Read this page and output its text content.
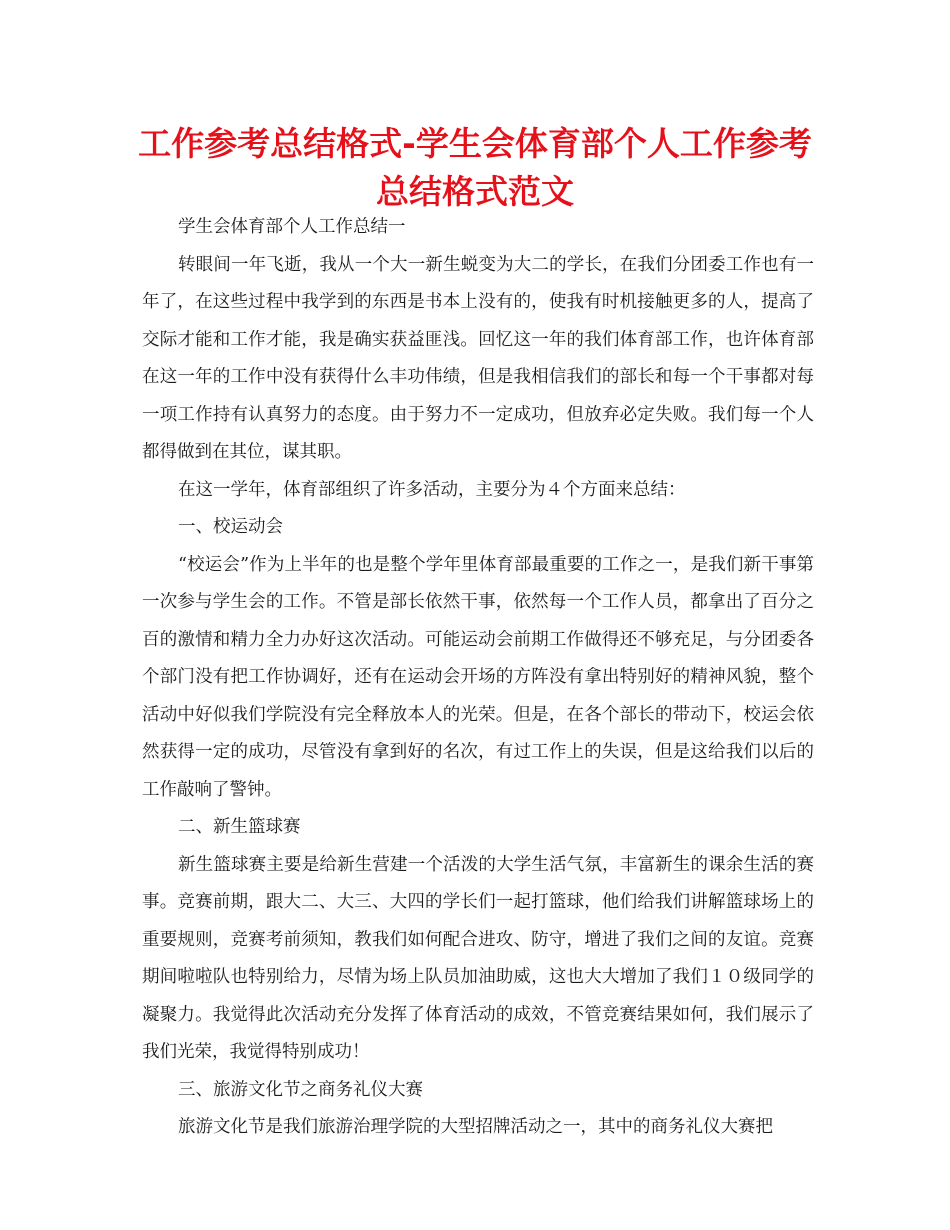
工作参考总结格式-学生会体育部个人工作参考总结格式范文

学生会体育部个人工作总结一

转眼间一年飞逝，我从一个大一新生蜕变为大二的学长，在我们分团委工作也有一年了，在这些过程中我学到的东西是书本上没有的，使我有时机接触更多的人，提高了交际才能和工作才能，我是确实获益匪浅。回忆这一年的我们体育部工作，也许体育部在这一年的工作中没有获得什么丰功伟绩，但是我相信我们的部长和每一个干事都对每一项工作持有认真努力的态度。由于努力不一定成功，但放弃必定失败。我们每一个人都得做到在其位，谋其职。

在这一学年，体育部组织了许多活动，主要分为４个方面来总结：

一、校运动会

“校运会”作为上半年的也是整个学年里体育部最重要的工作之一，是我们新干事第一次参与学生会的工作。不管是部长依然干事，依然每一个工作人员，都拿出了百分之百的激情和精力全力办好这次活动。可能运动会前期工作做得还不够充足，与分团委各个部门没有把工作协调好，还有在运动会开场的方阵没有拿出特别好的精神风貌，整个活动中好似我们学院没有完全释放本人的光荣。但是，在各个部长的带动下，校运会依然获得一定的成功，尽管没有拿到好的名次，有过工作上的失误，但是这给我们以后的工作敲响了警钟。

二、新生篮球赛

新生篮球赛主要是给新生营建一个活泼的大学生活气氛，丰富新生的课余生活的赛事。竞赛前期，跟大二、大三、大四的学长们一起打篮球，他们给我们讲解篮球场上的重要规则，竞赛考前须知，教我们如何配合进攻、防守，增进了我们之间的友谊。竞赛期间啦啦队也特别给力，尽情为场上队员加油助威，这也大大增加了我们１０级同学的凝聚力。我觉得此次活动充分发挥了体育活动的成效，不管竞赛结果如何，我们展示了我们光荣，我觉得特别成功！

三、旅游文化节之商务礼仪大赛

旅游文化节是我们旅游治理学院的大型招牌活动之一，其中的商务礼仪大赛把
